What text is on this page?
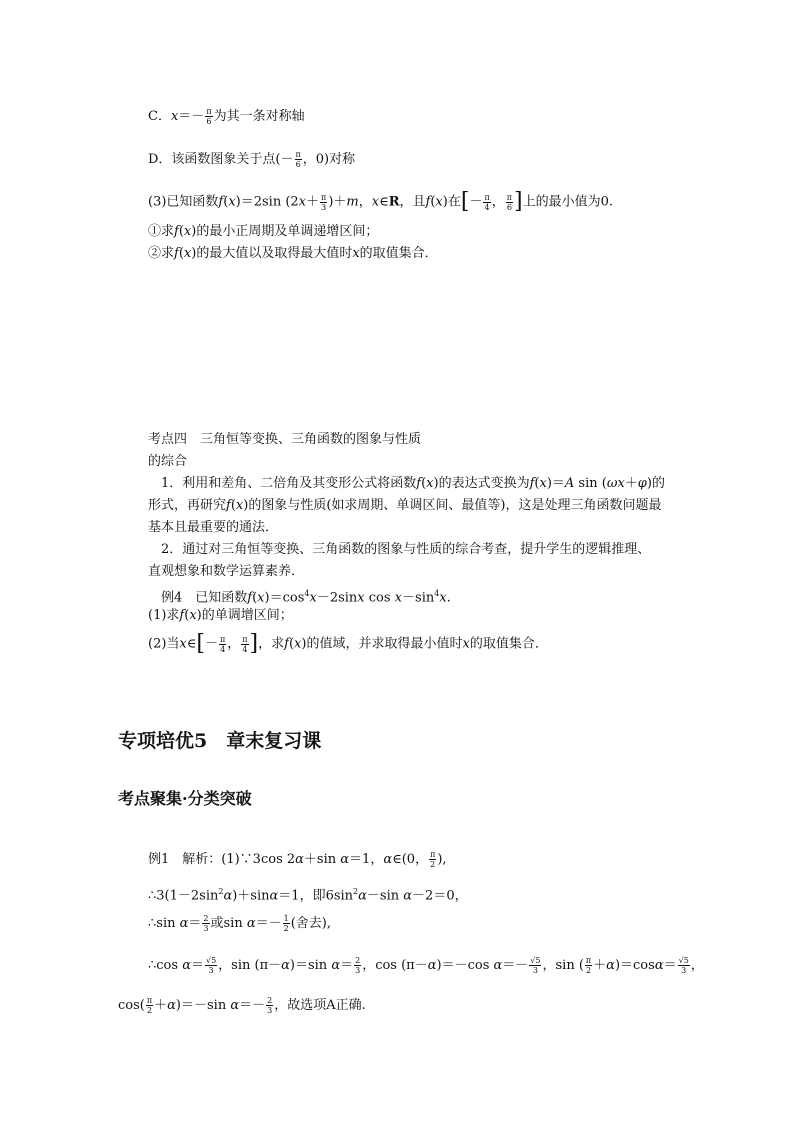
C．$x=- \frac{\pi}{6}$ 为其一条对称轴
D．该函数图象关于点(－ $\frac{\pi}{6}$ ，0)对称
(3)已知函数f(x)＝2sin $(2x+ \frac{\pi}{3} )+m$，x∈R，且f(x)在[－ $\frac{\pi}{4}$ ， $\frac{\pi}{6}$ ]上的最小值为0.
①求f(x)的最小正周期及单调递增区间；
②求f(x)的最大值以及取得最大值时x的取值集合．
考点四　三角恒等变换、三角函数的图象与性质
的综合
　1．利用和差角、二倍角及其变形公式将函数f(x)的表达式变换为f(x)＝A sin (ωx＋φ)的
形式，再研究f(x)的图象与性质(如求周期、单调区间、最值等)，这是处理三角函数问题最
基本且最重要的通法．
　2．通过对三角恒等变换、三角函数的图象与性质的综合考查，提升学生的逻辑推理、
直观想象和数学运算素养．
　例4　已知函数$f(x)=\cos^4x-2\sin x$ $\cos x-\sin^4x$.
(1)求f(x)的单调增区间；
(2)当x∈[－ $\frac{\pi}{4}$ ， $\frac{\pi}{4}$ ]，求f(x)的值域，并求取得最小值时x的取值集合．
专项培优5　章末复习课
考点聚集·分类突破
例1　解析：(1)∵3cos 2α＋sin α＝1，α∈(0， $\frac{\pi}{2}$ ),
$\therefore 3(1-2\sin^2\alpha)+\sin\alpha=1$，即$6\sin^2\alpha-\sin$ α－2＝0，
∴sin $\alpha= \frac{2}{3}$ 或$\sin \alpha=- \frac{1}{2}$ (舍去),
∴cos $\alpha= \frac{√5}{3}$ ，sin (π－α)＝sin $\alpha= \frac{2}{3}$ ，cos (π－α)＝－cos $\alpha=- \frac{√5}{3}$ ，sin ( $\frac{\pi}{2} +\alpha)=\cos\alpha= \frac{√5}{3}$ ，
$\cos( \frac{\pi}{2} +\alpha)=-\sin$ $\alpha=- \frac{2}{3}$ ，故选项A正确.
